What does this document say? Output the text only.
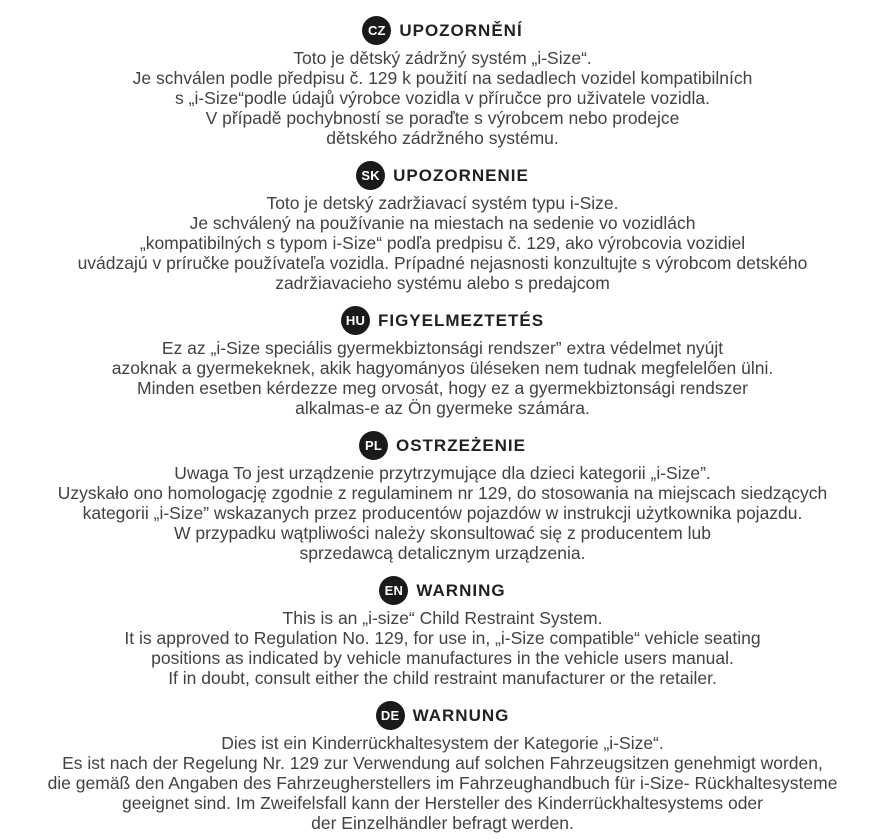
CZ UPOZORNĚNÍ

Toto je dětský zádržný systém „i-Size“.

Je schválen podle předpisu č. 129 k použití na sedadlech vozidel kompatibilních

s „i-Size“podle údajů výrobce vozidla v příručce pro uživatele vozidla.

V případě pochybností se poraďte s výrobcem nebo prodejce

dětského zádržného systému.

SK UPOZORNENIE

Toto je detský zadržiavací systém typu i-Size.

Je schválený na používanie na miestach na sedenie vo vozidlách

„kompatibilných s typom i-Size“ podľa predpisu č. 129, ako výrobcovia vozidiel

uvádzajú v príručke používateľa vozidla. Prípadné nejasnosti konzultujte s výrobcom detského

zadržiavacieho systému alebo s predajcom

HU FIGYELMEZTETÉS

Ez az „i-Size speciális gyermekbiztonsági rendszer” extra védelmet nyújt

azoknak a gyermekeknek, akik hagyományos üléseken nem tudnak megfelelően ülni.

Minden esetben kérdezze meg orvosát, hogy ez a gyermekbiztonsági rendszer

alkalmas-e az Ön gyermeke számára.

PL OSTRZEŻENIE

Uwaga To jest urządzenie przytrzymujące dla dzieci kategorii „i-Size”.

Uzyskało ono homologację zgodnie z regulaminem nr 129, do stosowania na miejscach siedzących

kategorii „i-Size” wskazanych przez producentów pojazdów w instrukcji użytkownika pojazdu.

W przypadku wątpliwości należy skonsultować się z producentem lub

sprzedawcą detalicznym urządzenia.

EN WARNING

This is an „i-size“ Child Restraint System.

It is approved to Regulation No. 129, for use in, „i-Size compatible“ vehicle seating

positions as indicated by vehicle manufactures in the vehicle users manual.

If in doubt, consult either the child restraint manufacturer or the retailer.

DE WARNUNG

Dies ist ein Kinderrückhaltesystem der Kategorie „i-Size“.

Es ist nach der Regelung Nr. 129 zur Verwendung auf solchen Fahrzeugsitzen genehmigt worden,

die gemäß den Angaben des Fahrzeugherstellers im Fahrzeughandbuch für i-Size- Rückhaltesysteme

geeignet sind. Im Zweifelsfall kann der Hersteller des Kinderrückhaltesystems oder

der Einzelhändler befragt werden.
